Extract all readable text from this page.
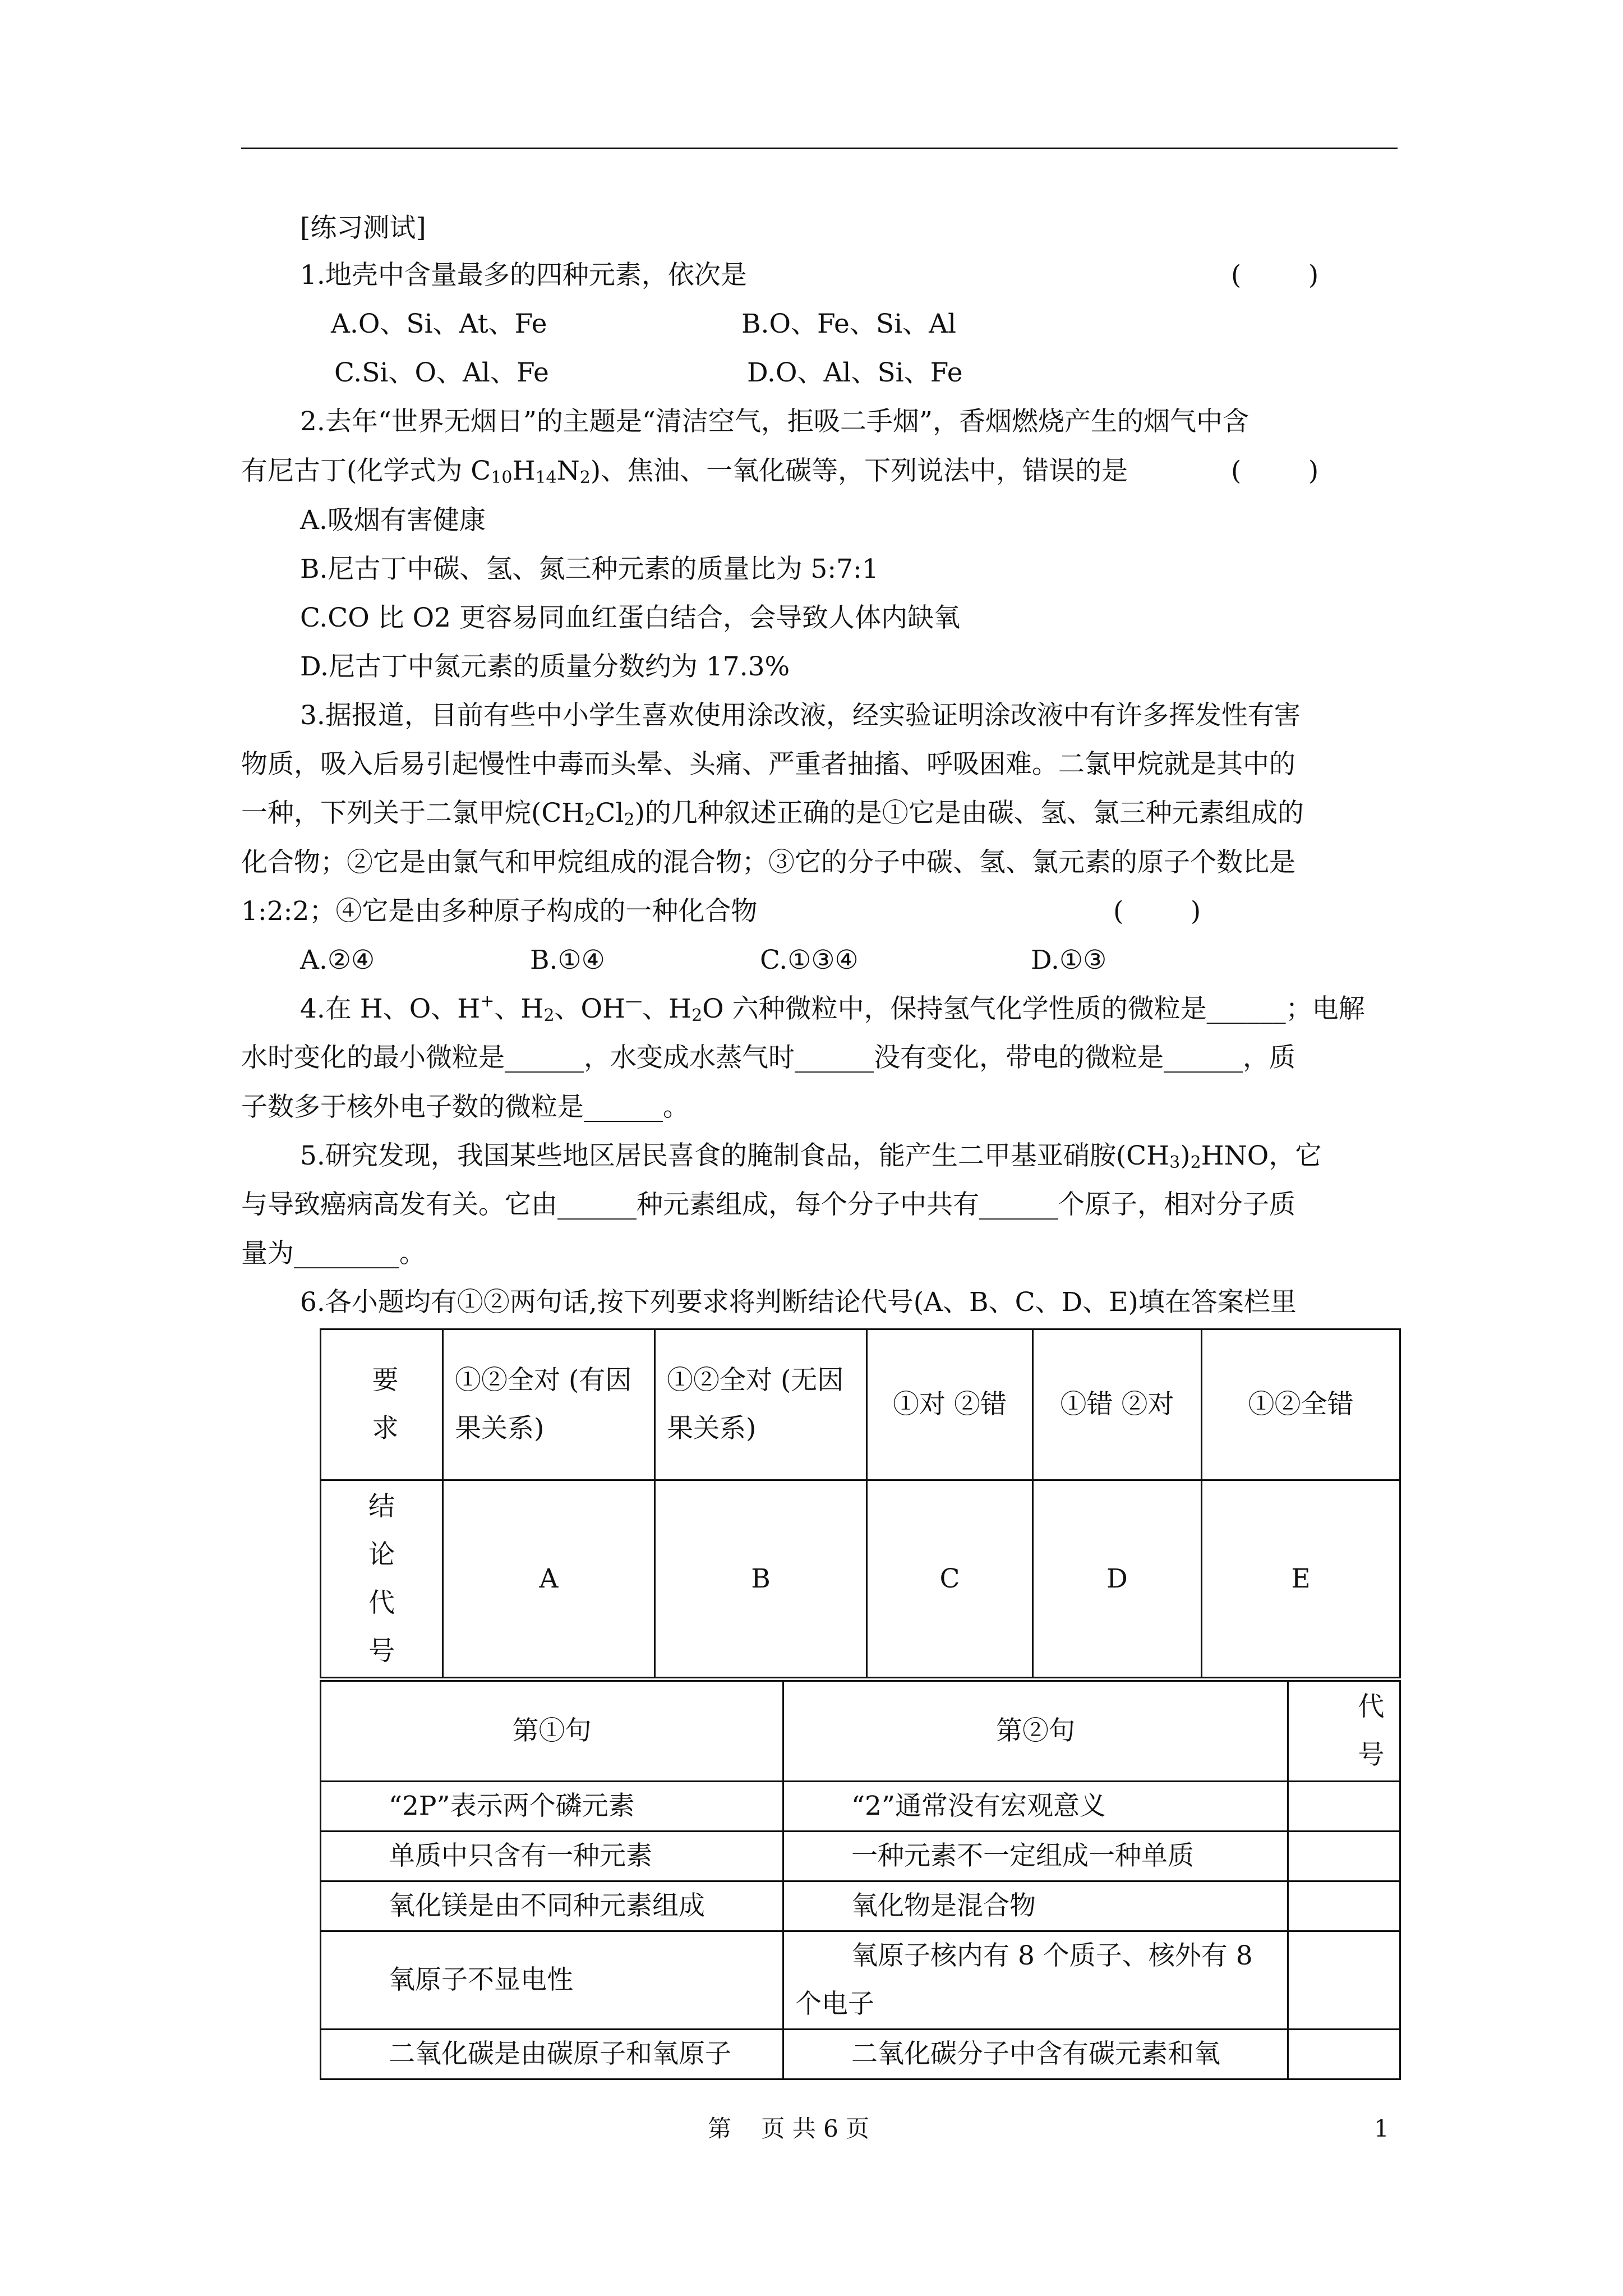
[练习测试]
1.地壳中含量最多的四种元素，依次是	(        )
A.O、Si、At、Fe	B.O、Fe、Si、Al
C.Si、O、Al、Fe	D.O、Al、Si、Fe
2.去年“世界无烟日”的主题是“清洁空气，拒吸二手烟”，香烟燃烧产生的烟气中含
有尼古丁(化学式为 $C_{10}H_{14}N_2$)、焦油、一氧化碳等，下列说法中，错误的是	(        )
A.吸烟有害健康
B.尼古丁中碳、氢、氮三种元素的质量比为 5:7:1
C.CO 比 O2 更容易同血红蛋白结合，会导致人体内缺氧
D.尼古丁中氮元素的质量分数约为 17.3%
3.据报道，目前有些中小学生喜欢使用涂改液，经实验证明涂改液中有许多挥发性有害
物质，吸入后易引起慢性中毒而头晕、头痛、严重者抽搐、呼吸困难。二氯甲烷就是其中的
一种，下列关于二氯甲烷$(CH_2Cl_2)$的几种叙述正确的是①它是由碳、氢、氯三种元素组成的
化合物；②它是由氯气和甲烷组成的混合物；③它的分子中碳、氢、氯元素的原子个数比是
1:2:2；④它是由多种原子构成的一种化合物	(        )
A.②④	B.①④	C.①③④	D.①③
4.在 H、O、H+、$H_2$、OH—、$H_2O$ 六种微粒中，保持氢气化学性质的微粒是______；电解
水时变化的最小微粒是______，水变成水蒸气时______没有变化，带电的微粒是______，质
子数多于核外电子数的微粒是______。
5.研究发现，我国某些地区居民喜食的腌制食品，能产生二甲基亚硝胺$(CH_3)_2HNO$，它
与导致癌病高发有关。它由______种元素组成，每个分子中共有______个原子，相对分子质
量为________。
6.各小题均有①②两句话,按下列要求将判断结论代号(A、B、C、D、E)填在答案栏里
要求	①②全对 (有因果关系)	①②全对 (无因果关系)	①对 ②错	①错 ②对	①②全错

结论代号	A	B	C	D	E
第①句	第②句	代号

“2P”表示两个磷元素	“2”通常没有宏观意义	
单质中只含有一种元素	一种元素不一定组成一种单质	
氧化镁是由不同种元素组成	氧化物是混合物	
氧原子不显电性	氧原子核内有 8 个质子、核外有 8 个电子	
二氧化碳是由碳原子和氧原子	二氧化碳分子中含有碳元素和氧	
第    页 共 6 页	1
